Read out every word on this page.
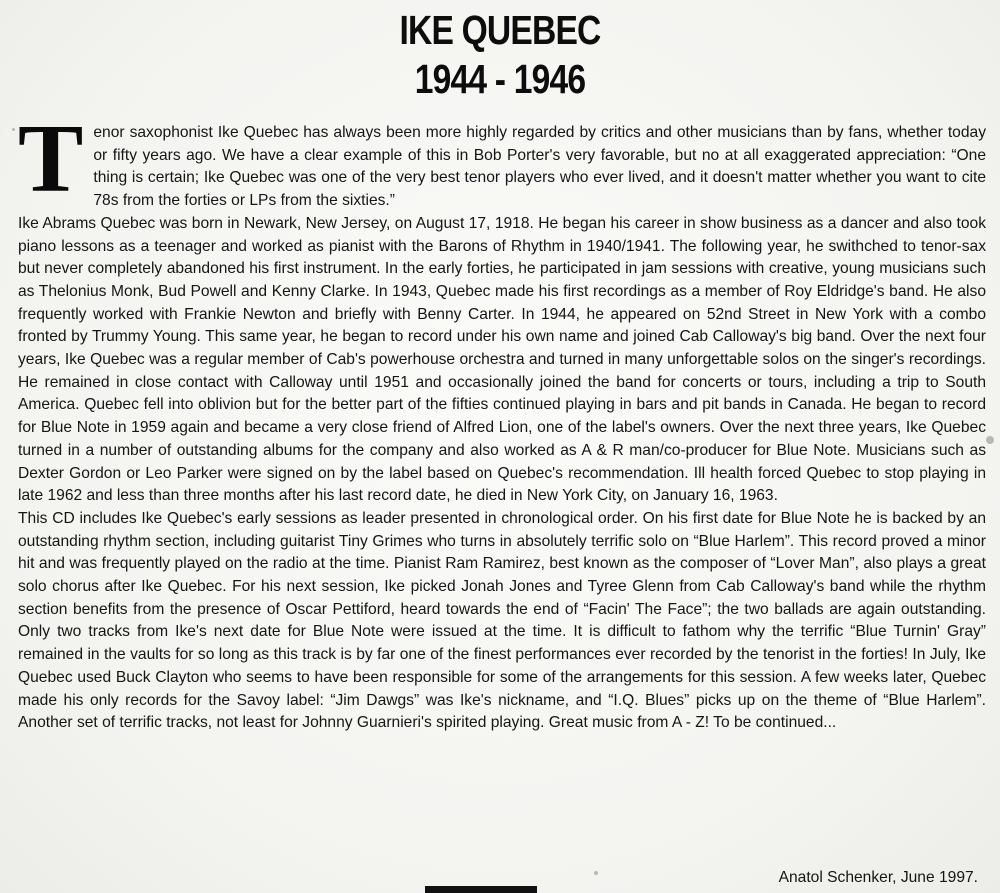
IKE QUEBEC
1944 - 1946

Tenor saxophonist Ike Quebec has always been more highly regarded by critics and other musicians than by fans, whether today or fifty years ago. We have a clear example of this in Bob Porter's very favorable, but no at all exaggerated appreciation: “One thing is certain; Ike Quebec was one of the very best tenor players who ever lived, and it doesn't matter whether you want to cite 78s from the forties or LPs from the sixties.”

Ike Abrams Quebec was born in Newark, New Jersey, on August 17, 1918. He began his career in show business as a dancer and also took piano lessons as a teenager and worked as pianist with the Barons of Rhythm in 1940/1941. The following year, he swithched to tenor-sax but never completely abandoned his first instrument. In the early forties, he participated in jam sessions with creative, young musicians such as Thelonius Monk, Bud Powell and Kenny Clarke. In 1943, Quebec made his first recordings as a member of Roy Eldridge's band. He also frequently worked with Frankie Newton and briefly with Benny Carter. In 1944, he appeared on 52nd Street in New York with a combo fronted by Trummy Young. This same year, he began to record under his own name and joined Cab Calloway's big band. Over the next four years, Ike Quebec was a regular member of Cab's powerhouse orchestra and turned in many unforgettable solos on the singer's recordings. He remained in close contact with Calloway until 1951 and occasionally joined the band for concerts or tours, including a trip to South America. Quebec fell into oblivion but for the better part of the fifties continued playing in bars and pit bands in Canada. He began to record for Blue Note in 1959 again and became a very close friend of Alfred Lion, one of the label's owners. Over the next three years, Ike Quebec turned in a number of outstanding albums for the company and also worked as A & R man/co-producer for Blue Note. Musicians such as Dexter Gordon or Leo Parker were signed on by the label based on Quebec's recommendation. Ill health forced Quebec to stop playing in late 1962 and less than three months after his last record date, he died in New York City, on January 16, 1963.

This CD includes Ike Quebec's early sessions as leader presented in chronological order. On his first date for Blue Note he is backed by an outstanding rhythm section, including guitarist Tiny Grimes who turns in absolutely terrific solo on “Blue Harlem”. This record proved a minor hit and was frequently played on the radio at the time. Pianist Ram Ramirez, best known as the composer of “Lover Man”, also plays a great solo chorus after Ike Quebec. For his next session, Ike picked Jonah Jones and Tyree Glenn from Cab Calloway's band while the rhythm section benefits from the presence of Oscar Pettiford, heard towards the end of “Facin' The Face”; the two ballads are again outstanding. Only two tracks from Ike's next date for Blue Note were issued at the time. It is difficult to fathom why the terrific “Blue Turnin' Gray” remained in the vaults for so long as this track is by far one of the finest performances ever recorded by the tenorist in the forties! In July, Ike Quebec used Buck Clayton who seems to have been responsible for some of the arrangements for this session. A few weeks later, Quebec made his only records for the Savoy label: “Jim Dawgs” was Ike's nickname, and “I.Q. Blues” picks up on the theme of “Blue Harlem”. Another set of terrific tracks, not least for Johnny Guarnieri's spirited playing. Great music from A - Z! To be continued...

Anatol Schenker, June 1997.
